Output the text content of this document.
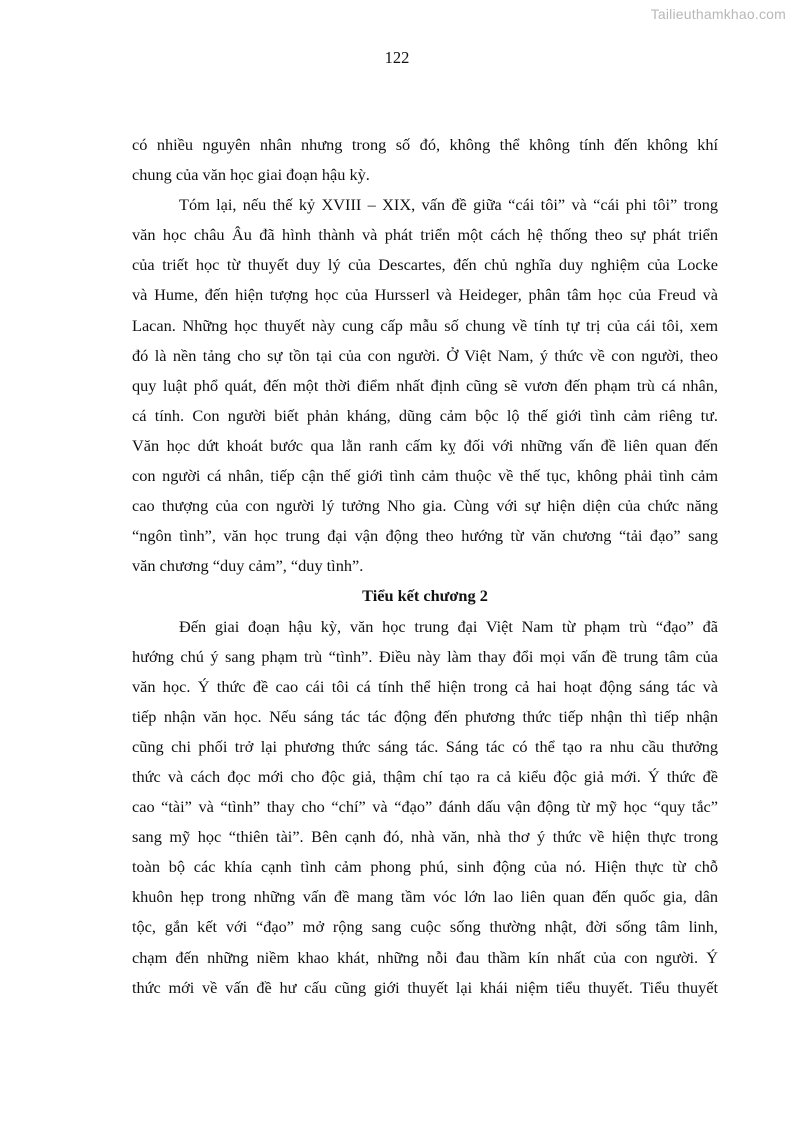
Tailieuthamkhao.com
122
có nhiều nguyên nhân nhưng trong số đó, không thể không tính đến không khí
chung của văn học giai đoạn hậu kỳ.
Tóm lại, nếu thế kỷ XVIII – XIX, vấn đề giữa “cái tôi” và “cái phi tôi” trong
văn học châu Âu đã hình thành và phát triển một cách hệ thống theo sự phát triển
của triết học từ thuyết duy lý của Descartes, đến chủ nghĩa duy nghiệm của Locke
và Hume, đến hiện tượng học của Hursserl và Heideger, phân tâm học của Freud và
Lacan. Những học thuyết này cung cấp mẫu số chung về tính tự trị của cái tôi, xem
đó là nền tảng cho sự tồn tại của con người. Ở Việt Nam, ý thức về con người, theo
quy luật phổ quát, đến một thời điểm nhất định cũng sẽ vươn đến phạm trù cá nhân,
cá tính. Con người biết phản kháng, dũng cảm bộc lộ thế giới tình cảm riêng tư.
Văn học dứt khoát bước qua lằn ranh cấm kỵ đối với những vấn đề liên quan đến
con người cá nhân, tiếp cận thế giới tình cảm thuộc về thế tục, không phải tình cảm
cao thượng của con người lý tưởng Nho gia. Cùng với sự hiện diện của chức năng
“ngôn tình”, văn học trung đại vận động theo hướng từ văn chương “tải đạo” sang
văn chương “duy cảm”, “duy tình”.
Tiểu kết chương 2
Đến giai đoạn hậu kỳ, văn học trung đại Việt Nam từ phạm trù “đạo” đã
hướng chú ý sang phạm trù “tình”. Điều này làm thay đổi mọi vấn đề trung tâm của
văn học. Ý thức đề cao cái tôi cá tính thể hiện trong cả hai hoạt động sáng tác và
tiếp nhận văn học. Nếu sáng tác tác động đến phương thức tiếp nhận thì tiếp nhận
cũng chi phối trở lại phương thức sáng tác. Sáng tác có thể tạo ra nhu cầu thưởng
thức và cách đọc mới cho độc giả, thậm chí tạo ra cả kiểu độc giả mới. Ý thức đề
cao “tài” và “tình” thay cho “chí” và “đạo” đánh dấu vận động từ mỹ học “quy tắc”
sang mỹ học “thiên tài”. Bên cạnh đó, nhà văn, nhà thơ ý thức về hiện thực trong
toàn bộ các khía cạnh tình cảm phong phú, sinh động của nó. Hiện thực từ chỗ
khuôn hẹp trong những vấn đề mang tầm vóc lớn lao liên quan đến quốc gia, dân
tộc, gắn kết với “đạo” mở rộng sang cuộc sống thường nhật, đời sống tâm linh,
chạm đến những niềm khao khát, những nỗi đau thầm kín nhất của con người. Ý
thức mới về vấn đề hư cấu cũng giới thuyết lại khái niệm tiểu thuyết. Tiểu thuyết
